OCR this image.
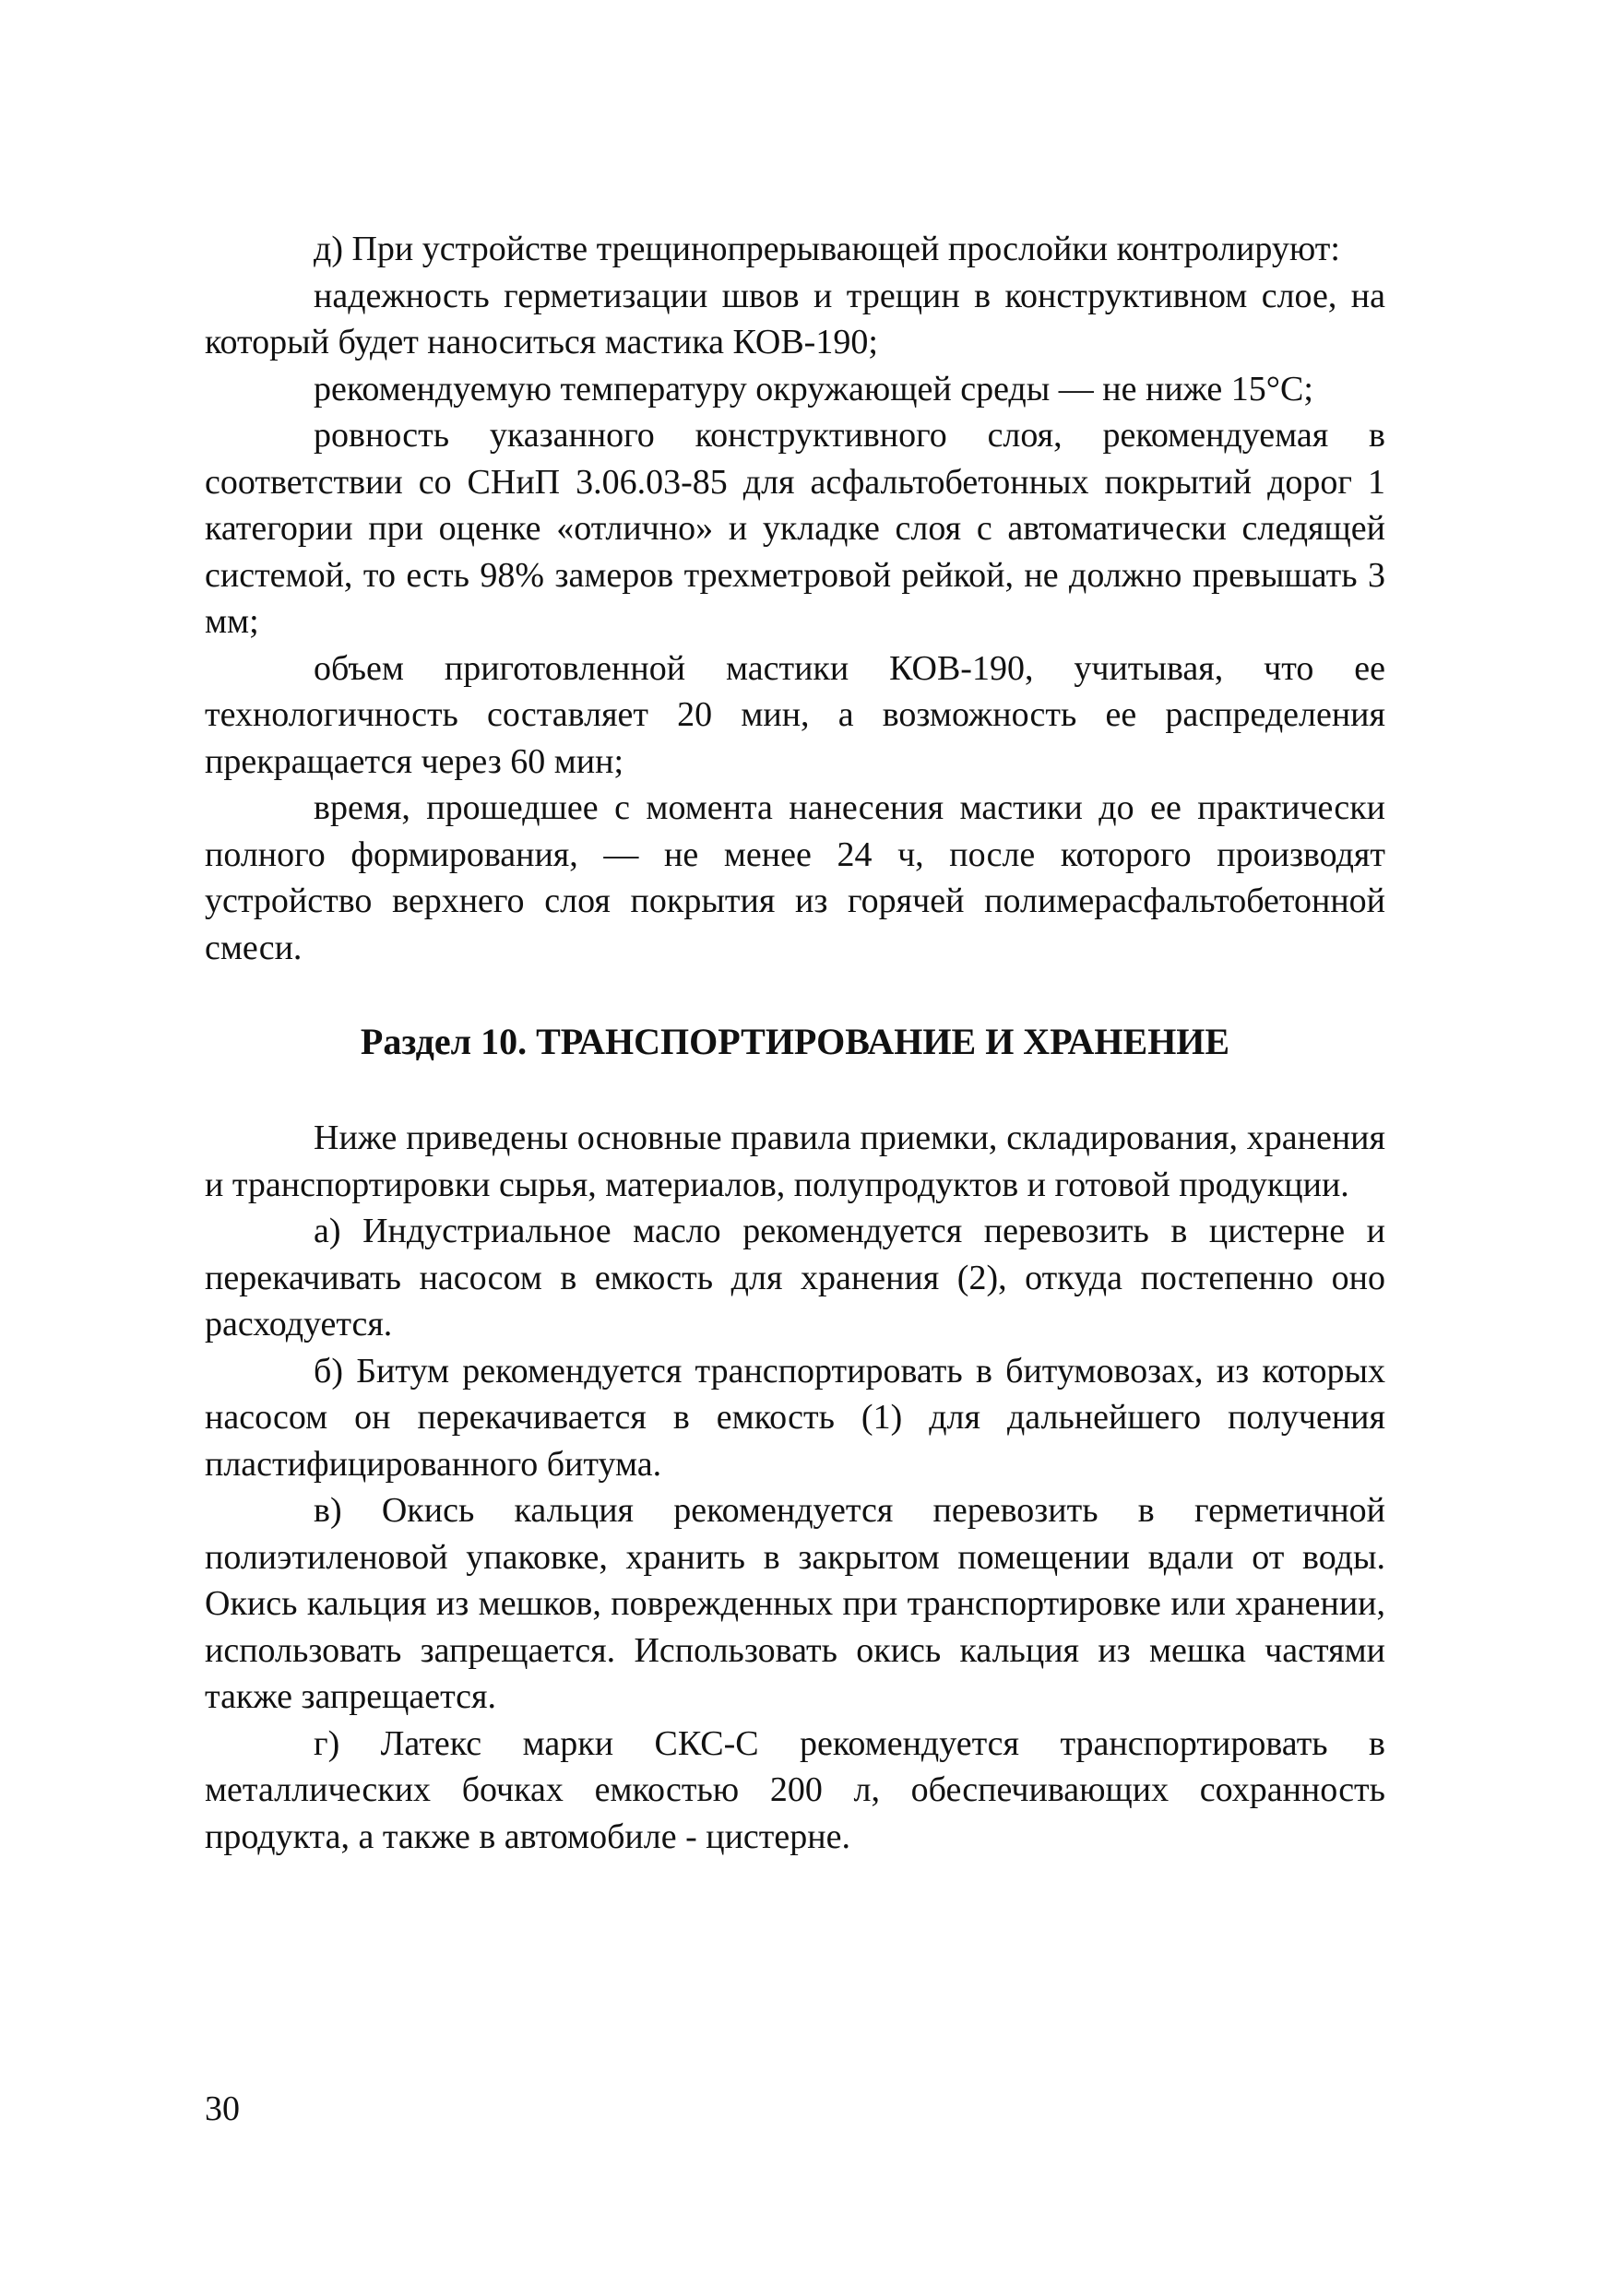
д) При устройстве трещинопрерывающей прослойки контролируют:

надежность герметизации швов и трещин в конструктивном слое, на который будет наноситься мастика КОВ-190;

рекомендуемую температуру окружающей среды — не ниже 15°С;

ровность указанного конструктивного слоя, рекомендуемая в соответствии со СНиП 3.06.03-85 для асфальтобетонных покрытий дорог 1 категории при оценке «отлично» и укладке слоя с автоматически следящей системой, то есть 98% замеров трехметровой рейкой, не должно превышать 3 мм;

объем приготовленной мастики КОВ-190, учитывая, что ее технологичность составляет 20 мин, а возможность ее распределения прекращается через 60 мин;

время, прошедшее с момента нанесения мастики до ее практически полного формирования, — не менее 24 ч, после которого производят устройство верхнего слоя покрытия из горячей полимерасфальтобетонной смеси.

Раздел 10. ТРАНСПОРТИРОВАНИЕ И ХРАНЕНИЕ

Ниже приведены основные правила приемки, складирования, хранения и транспортировки сырья, материалов, полупродуктов и готовой продукции.

а) Индустриальное масло рекомендуется перевозить в цистерне и перекачивать насосом в емкость для хранения (2), откуда постепенно оно расходуется.

б) Битум рекомендуется транспортировать в битумовозах, из которых насосом он перекачивается в емкость (1) для дальнейшего получения пластифицированного битума.

в) Окись кальция рекомендуется перевозить в герметичной полиэтиленовой упаковке, хранить в закрытом помещении вдали от воды. Окись кальция из мешков, поврежденных при транспортировке или хранении, использовать запрещается. Использовать окись кальция из мешка частями также запрещается.

г) Латекс марки СКС-С рекомендуется транспортировать в металлических бочках емкостью 200 л, обеспечивающих сохранность продукта, а также в автомобиле - цистерне.

30
